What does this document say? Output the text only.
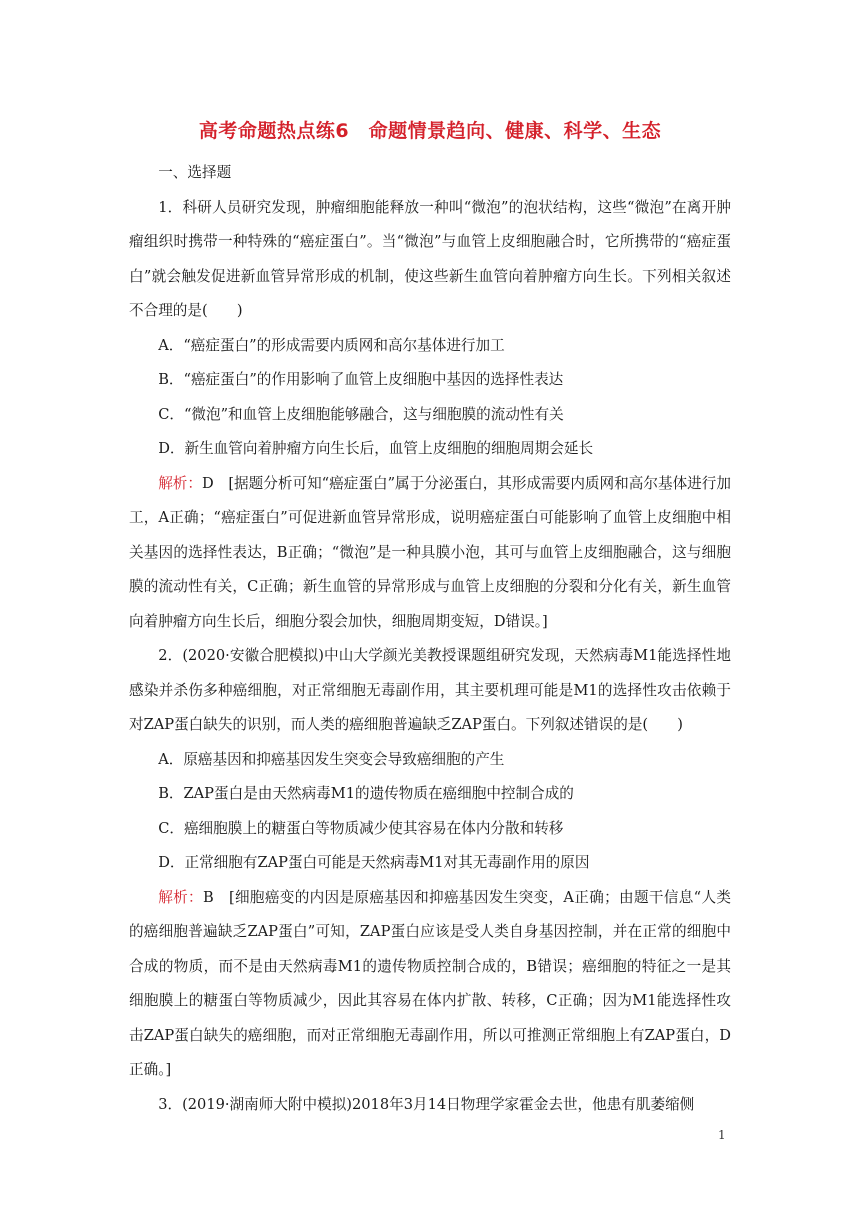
高考命题热点练6　命题情景趋向、健康、科学、生态

一、选择题

1．科研人员研究发现，肿瘤细胞能释放一种叫“微泡”的泡状结构，这些“微泡”在离开肿瘤组织时携带一种特殊的“癌症蛋白”。当“微泡”与血管上皮细胞融合时，它所携带的“癌症蛋白”就会触发促进新血管异常形成的机制，使这些新生血管向着肿瘤方向生长。下列相关叙述不合理的是(　　)

A．“癌症蛋白”的形成需要内质网和高尔基体进行加工

B．“癌症蛋白”的作用影响了血管上皮细胞中基因的选择性表达

C．“微泡”和血管上皮细胞能够融合，这与细胞膜的流动性有关

D．新生血管向着肿瘤方向生长后，血管上皮细胞的细胞周期会延长

解析：D　[据题分析可知“癌症蛋白”属于分泌蛋白，其形成需要内质网和高尔基体进行加工，A正确；“癌症蛋白”可促进新血管异常形成，说明癌症蛋白可能影响了血管上皮细胞中相关基因的选择性表达，B正确；“微泡”是一种具膜小泡，其可与血管上皮细胞融合，这与细胞膜的流动性有关，C正确；新生血管的异常形成与血管上皮细胞的分裂和分化有关，新生血管向着肿瘤方向生长后，细胞分裂会加快，细胞周期变短，D错误。]

2．(2020·安徽合肥模拟)中山大学颜光美教授课题组研究发现，天然病毒M1能选择性地感染并杀伤多种癌细胞，对正常细胞无毒副作用，其主要机理可能是M1的选择性攻击依赖于对ZAP蛋白缺失的识别，而人类的癌细胞普遍缺乏ZAP蛋白。下列叙述错误的是(　　)

A．原癌基因和抑癌基因发生突变会导致癌细胞的产生

B．ZAP蛋白是由天然病毒M1的遗传物质在癌细胞中控制合成的

C．癌细胞膜上的糖蛋白等物质减少使其容易在体内分散和转移

D．正常细胞有ZAP蛋白可能是天然病毒M1对其无毒副作用的原因

解析：B　[细胞癌变的内因是原癌基因和抑癌基因发生突变，A正确；由题干信息“人类的癌细胞普遍缺乏ZAP蛋白”可知，ZAP蛋白应该是受人类自身基因控制，并在正常的细胞中合成的物质，而不是由天然病毒M1的遗传物质控制合成的，B错误；癌细胞的特征之一是其细胞膜上的糖蛋白等物质减少，因此其容易在体内扩散、转移，C正确；因为M1能选择性攻击ZAP蛋白缺失的癌细胞，而对正常细胞无毒副作用，所以可推测正常细胞上有ZAP蛋白，D正确。]

3．(2019·湖南师大附中模拟)2018年3月14日物理学家霍金去世，他患有肌萎缩侧

1
